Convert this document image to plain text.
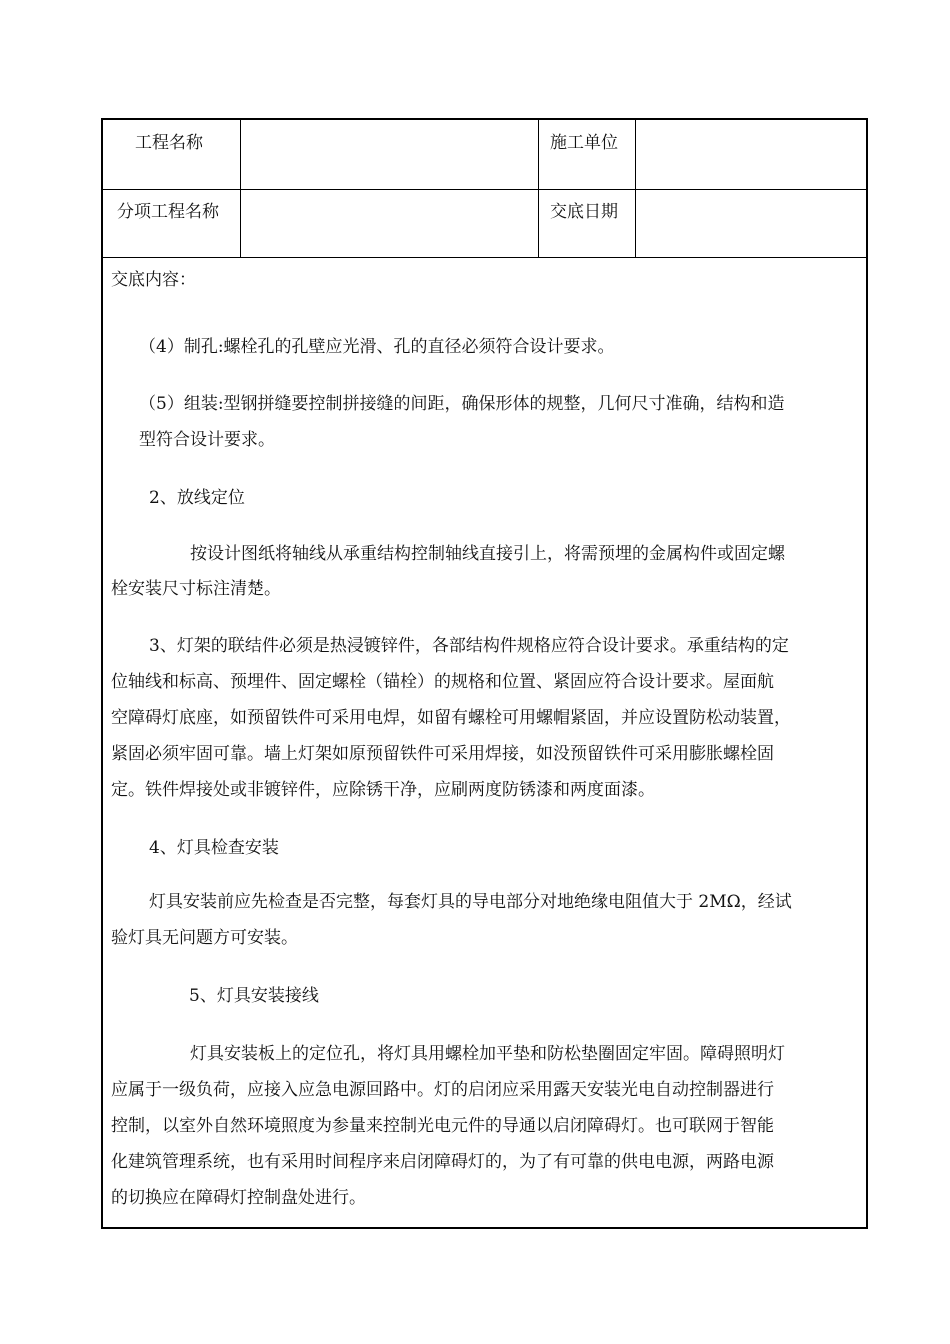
工程名称	施工单位
分项工程名称	交底日期
交底内容：
（4）制孔:螺栓孔的孔壁应光滑、孔的直径必须符合设计要求。
（5）组装:型钢拼缝要控制拼接缝的间距，确保形体的规整，几何尺寸准确，结构和造
型符合设计要求。
2、放线定位
按设计图纸将轴线从承重结构控制轴线直接引上，将需预埋的金属构件或固定螺
栓安装尺寸标注清楚。
3、灯架的联结件必须是热浸镀锌件，各部结构件规格应符合设计要求。承重结构的定
位轴线和标高、预埋件、固定螺栓（锚栓）的规格和位置、紧固应符合设计要求。屋面航
空障碍灯底座，如预留铁件可采用电焊，如留有螺栓可用螺帽紧固，并应设置防松动装置，
紧固必须牢固可靠。墙上灯架如原预留铁件可采用焊接，如没预留铁件可采用膨胀螺栓固
定。铁件焊接处或非镀锌件，应除锈干净，应刷两度防锈漆和两度面漆。
4、灯具检查安装
灯具安装前应先检查是否完整，每套灯具的导电部分对地绝缘电阻值大于 2MΩ，经试
验灯具无问题方可安装。
5、灯具安装接线
灯具安装板上的定位孔，将灯具用螺栓加平垫和防松垫圈固定牢固。障碍照明灯
应属于一级负荷，应接入应急电源回路中。灯的启闭应采用露天安装光电自动控制器进行
控制，以室外自然环境照度为参量来控制光电元件的导通以启闭障碍灯。也可联网于智能
化建筑管理系统，也有采用时间程序来启闭障碍灯的，为了有可靠的供电电源，两路电源
的切换应在障碍灯控制盘处进行。
